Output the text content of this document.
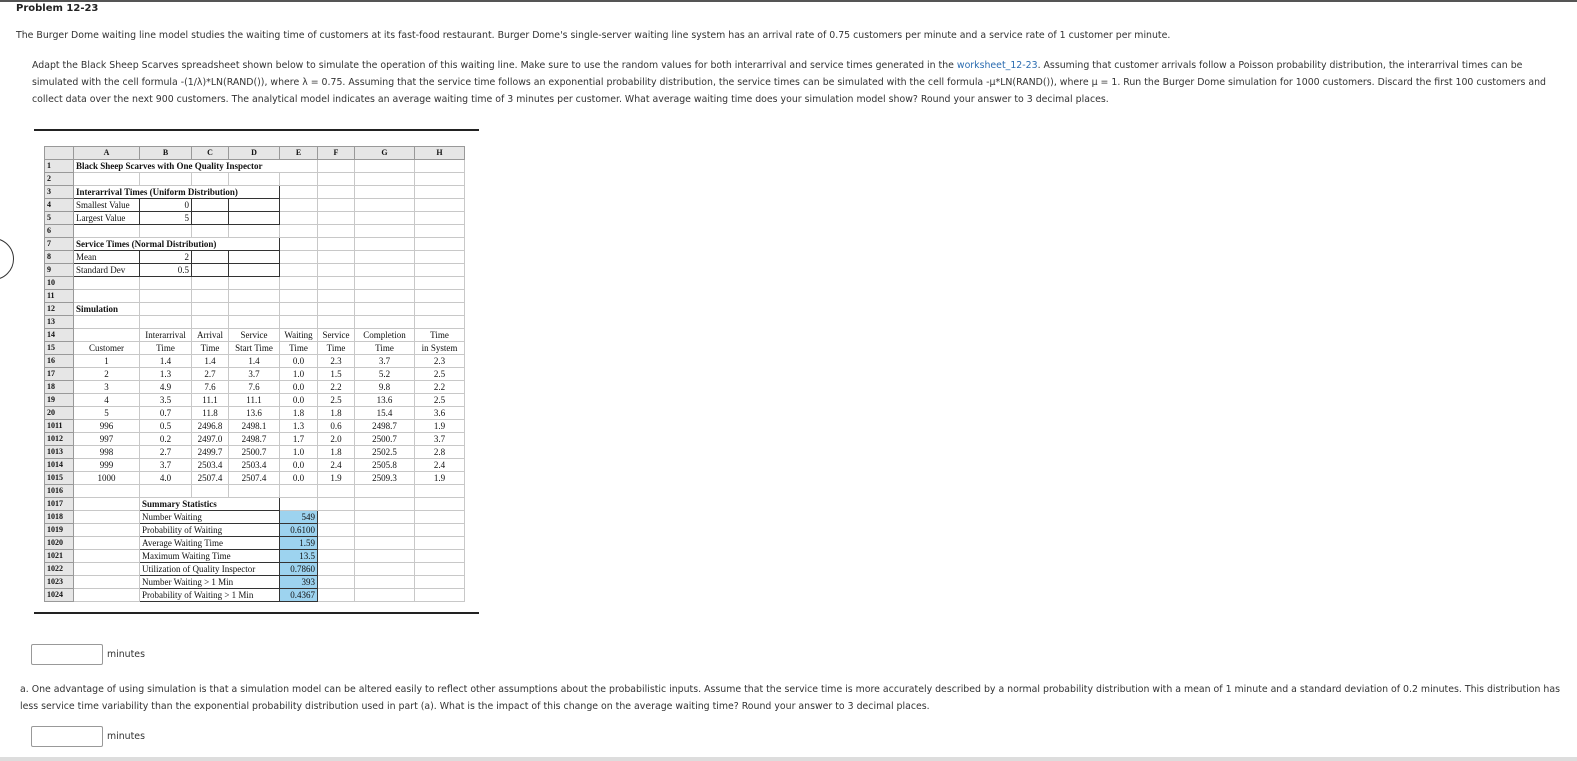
Problem 12-23
The Burger Dome waiting line model studies the waiting time of customers at its fast-food restaurant. Burger Dome's single-server waiting line system has an arrival rate of 0.75 customers per minute and a service rate of 1 customer per minute.
Adapt the Black Sheep Scarves spreadsheet shown below to simulate the operation of this waiting line. Make sure to use the random values for both interarrival and service times generated in the worksheet_12-23. Assuming that customer arrivals follow a Poisson probability distribution, the interarrival times can be simulated with the cell formula -(1/λ)*LN(RAND()), where λ = 0.75. Assuming that the service time follows an exponential probability distribution, the service times can be simulated with the cell formula -μ*LN(RAND()), where μ = 1. Run the Burger Dome simulation for 1000 customers. Discard the first 100 customers and collect data over the next 900 customers. The analytical model indicates an average waiting time of 3 minutes per customer. What average waiting time does your simulation model show? Round your answer to 3 decimal places.
	A	B	C	D	E	F	G	H
1	Black Sheep Scarves with One Quality Inspector							
2								
3	Interarrival Times (Uniform Distribution)							
4	Smallest Value	0						
5	Largest Value	5						
6								
7	Service Times (Normal Distribution)							
8	Mean	2						
9	Standard Dev	0.5						
10								
11								
12	Simulation							
13								
14		Interarrival	Arrival	Service	Waiting	Service	Completion	Time
15	Customer	Time	Time	Start Time	Time	Time	Time	in System
16	1	1.4	1.4	1.4	0.0	2.3	3.7	2.3
17	2	1.3	2.7	3.7	1.0	1.5	5.2	2.5
18	3	4.9	7.6	7.6	0.0	2.2	9.8	2.2
19	4	3.5	11.1	11.1	0.0	2.5	13.6	2.5
20	5	0.7	11.8	13.6	1.8	1.8	15.4	3.6
1011	996	0.5	2496.8	2498.1	1.3	0.6	2498.7	1.9
1012	997	0.2	2497.0	2498.7	1.7	2.0	2500.7	3.7
1013	998	2.7	2499.7	2500.7	1.0	1.8	2502.5	2.8
1014	999	3.7	2503.4	2503.4	0.0	2.4	2505.8	2.4
1015	1000	4.0	2507.4	2507.4	0.0	1.9	2509.3	1.9
1016								
1017		Summary Statistics						
1018		Number Waiting			549			
1019		Probability of Waiting			0.6100			
1020		Average Waiting Time			1.59			
1021		Maximum Waiting Time			13.5			
1022		Utilization of Quality Inspector			0.7860			
1023		Number Waiting > 1 Min			393			
1024		Probability of Waiting > 1 Min			0.4367			
minutes
a. One advantage of using simulation is that a simulation model can be altered easily to reflect other assumptions about the probabilistic inputs. Assume that the service time is more accurately described by a normal probability distribution with a mean of 1 minute and a standard deviation of 0.2 minutes. This distribution has less service time variability than the exponential probability distribution used in part (a). What is the impact of this change on the average waiting time? Round your answer to 3 decimal places.
minutes
